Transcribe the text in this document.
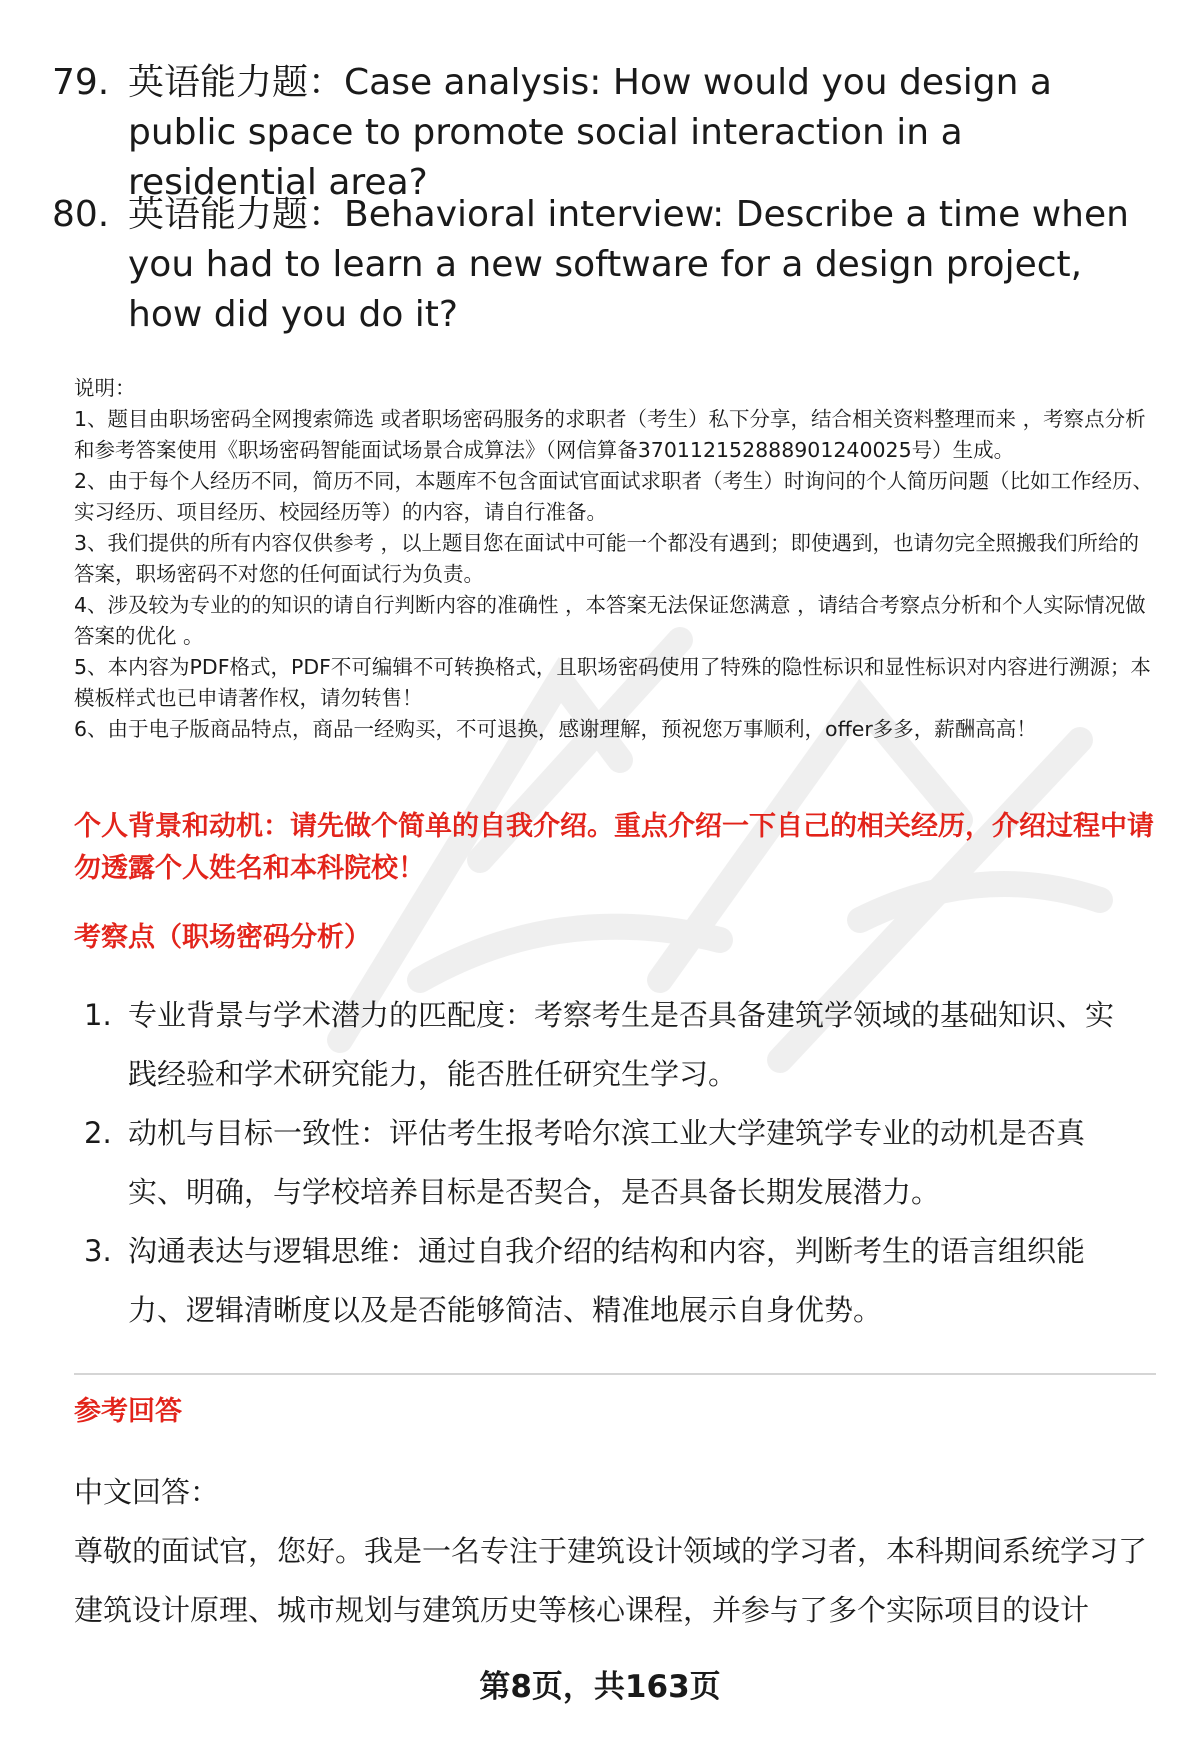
79. 英语能力题：Case analysis: How would you design a public space to promote social interaction in a residential area?
80. 英语能力题：Behavioral interview: Describe a time when you had to learn a new software for a design project, how did you do it?
说明：
1、题目由职场密码全网搜索筛选 或者职场密码服务的求职者（考生）私下分享，结合相关资料整理而来 ，考察点分析和参考答案使用《职场密码智能面试场景合成算法》（网信算备370112152888901240025号）生成。
2、由于每个人经历不同，简历不同，本题库不包含面试官面试求职者（考生）时询问的个人简历问题（比如工作经历、实习经历、项目经历、校园经历等）的内容，请自行准备。
3、我们提供的所有内容仅供参考 ，以上题目您在面试中可能一个都没有遇到；即使遇到，也请勿完全照搬我们所给的答案，职场密码不对您的任何面试行为负责。
4、涉及较为专业的的知识的请自行判断内容的准确性 ，本答案无法保证您满意 ，请结合考察点分析和个人实际情况做答案的优化 。
5、本内容为PDF格式，PDF不可编辑不可转换格式，且职场密码使用了特殊的隐性标识和显性标识对内容进行溯源；本模板样式也已申请著作权，请勿转售！
6、由于电子版商品特点，商品一经购买，不可退换，感谢理解，预祝您万事顺利，offer多多，薪酬高高！
个人背景和动机：请先做个简单的自我介绍。重点介绍一下自己的相关经历，介绍过程中请勿透露个人姓名和本科院校！
考察点（职场密码分析）
1. 专业背景与学术潜力的匹配度：考察考生是否具备建筑学领域的基础知识、实践经验和学术研究能力，能否胜任研究生学习。
2. 动机与目标一致性：评估考生报考哈尔滨工业大学建筑学专业的动机是否真实、明确，与学校培养目标是否契合，是否具备长期发展潜力。
3. 沟通表达与逻辑思维：通过自我介绍的结构和内容，判断考生的语言组织能力、逻辑清晰度以及是否能够简洁、精准地展示自身优势。
参考回答
中文回答：
尊敬的面试官，您好。我是一名专注于建筑设计领域的学习者，本科期间系统学习了建筑设计原理、城市规划与建筑历史等核心课程，并参与了多个实际项目的设计
第8页，共163页
